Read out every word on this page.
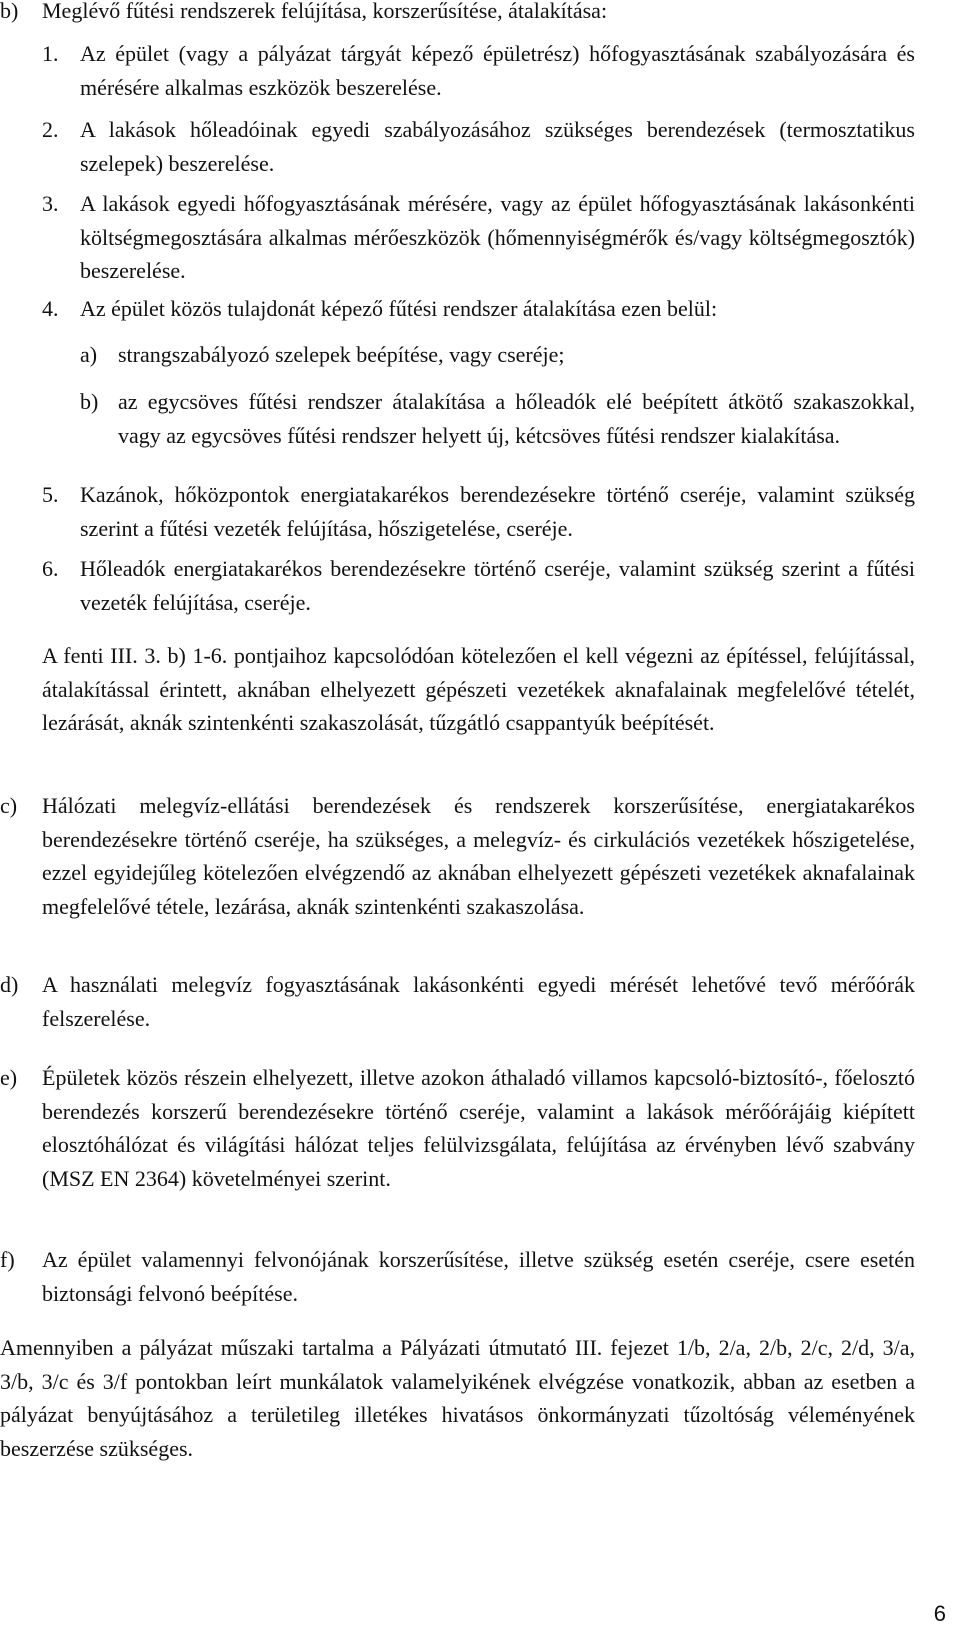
b) Meglévő fűtési rendszerek felújítása, korszerűsítése, átalakítása:
1. Az épület (vagy a pályázat tárgyát képező épületrész) hőfogyasztásának szabályozására és mérésére alkalmas eszközök beszerelése.
2. A lakások hőleadóinak egyedi szabályozásához szükséges berendezések (termosztatikus szelepek) beszerelése.
3. A lakások egyedi hőfogyasztásának mérésére, vagy az épület hőfogyasztásának lakásonkénti költségmegosztására alkalmas mérőeszközök (hőmennyiségmérők és/vagy költségmegosztók) beszerelése.
4. Az épület közös tulajdonát képező fűtési rendszer átalakítása ezen belül:
a) strangszabályozó szelepek beépítése, vagy cseréje;
b) az egycsöves fűtési rendszer átalakítása a hőleadók elé beépített átkötő szakaszokkal, vagy az egycsöves fűtési rendszer helyett új, kétcsöves fűtési rendszer kialakítása.
5. Kazánok, hőközpontok energiatakarékos berendezésekre történő cseréje, valamint szükség szerint a fűtési vezeték felújítása, hőszigetelése, cseréje.
6. Hőleadók energiatakarékos berendezésekre történő cseréje, valamint szükség szerint a fűtési vezeték felújítása, cseréje.
A fenti III. 3. b) 1-6. pontjaihoz kapcsolódóan kötelezően el kell végezni az építéssel, felújítással, átalakítással érintett, aknában elhelyezett gépészeti vezetékek aknafalainak megfelelővé tételét, lezárását, aknák szintenkénti szakaszolását, tűzgátló csappantyúk beépítését.
c) Hálózati melegvíz-ellátási berendezések és rendszerek korszerűsítése, energiatakarékos berendezésekre történő cseréje, ha szükséges, a melegvíz- és cirkulációs vezetékek hőszigetelése, ezzel egyidejűleg kötelezően elvégzendő az aknában elhelyezett gépészeti vezetékek aknafalainak megfelelővé tétele, lezárása, aknák szintenkénti szakaszolása.
d) A használati melegvíz fogyasztásának lakásonkénti egyedi mérését lehetővé tevő mérőórák felszerelése.
e) Épületek közös részein elhelyezett, illetve azokon áthaladó villamos kapcsoló-biztosító-, főelosztó berendezés korszerű berendezésekre történő cseréje, valamint a lakások mérőórájáig kiépített elosztóhálózat és világítási hálózat teljes felülvizsgálata, felújítása az érvényben lévő szabvány (MSZ EN 2364) követelményei szerint.
f) Az épület valamennyi felvonójának korszerűsítése, illetve szükség esetén cseréje, csere esetén biztonsági felvonó beépítése.
Amennyiben a pályázat műszaki tartalma a Pályázati útmutató III. fejezet 1/b, 2/a, 2/b, 2/c, 2/d, 3/a, 3/b, 3/c és 3/f pontokban leírt munkálatok valamelyikének elvégzése vonatkozik, abban az esetben a pályázat benyújtásához a területileg illetékes hivatásos önkormányzati tűzoltóság véleményének beszerzése szükséges.
6
